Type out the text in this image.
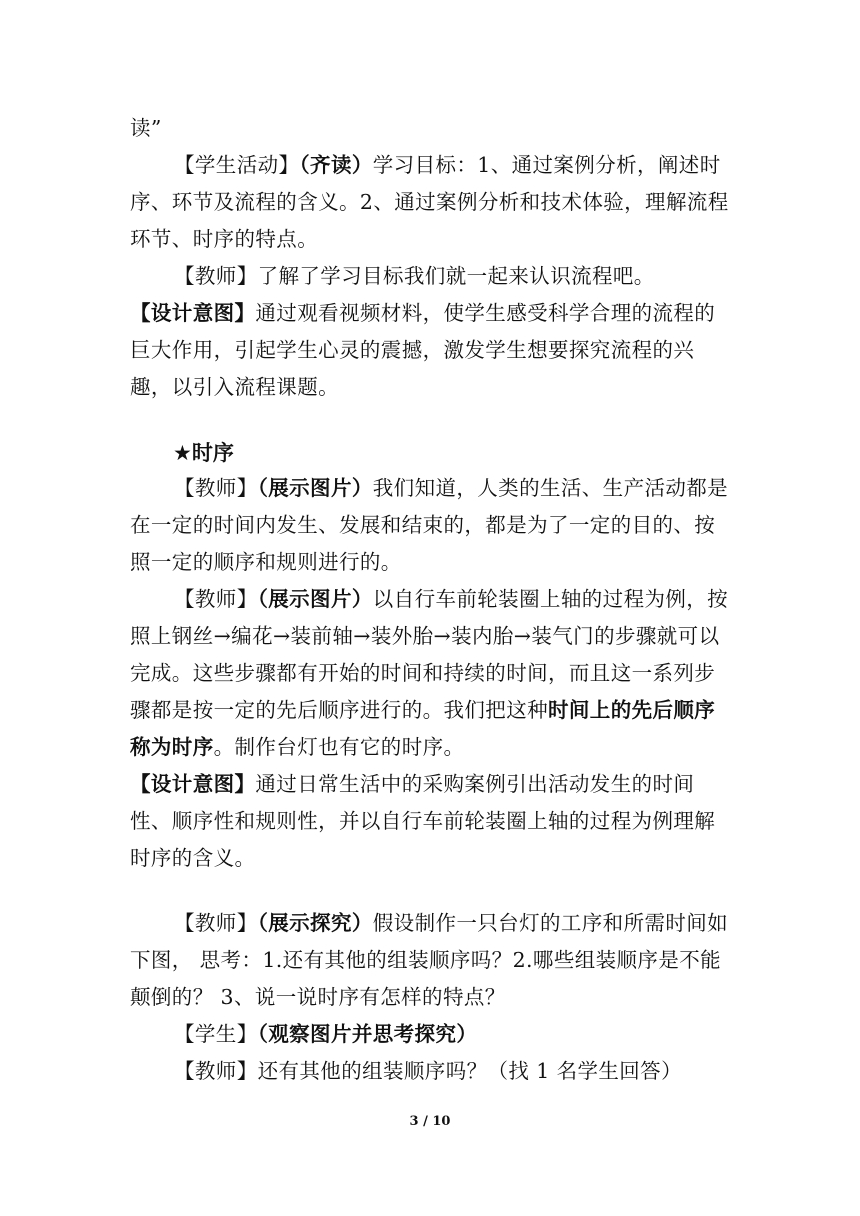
读”
【学生活动】（齐读）学习目标：1、通过案例分析，阐述时序、环节及流程的含义。2、通过案例分析和技术体验，理解流程环节、时序的特点。
【教师】了解了学习目标我们就一起来认识流程吧。
【设计意图】通过观看视频材料，使学生感受科学合理的流程的巨大作用，引起学生心灵的震撼，激发学生想要探究流程的兴趣，以引入流程课题。
★时序
【教师】（展示图片）我们知道，人类的生活、生产活动都是在一定的时间内发生、发展和结束的，都是为了一定的目的、按照一定的顺序和规则进行的。
【教师】（展示图片）以自行车前轮装圈上轴的过程为例，按照上钢丝→编花→装前轴→装外胎→装内胎→装气门的步骤就可以完成。这些步骤都有开始的时间和持续的时间，而且这一系列步骤都是按一定的先后顺序进行的。我们把这种时间上的先后顺序称为时序。制作台灯也有它的时序。
【设计意图】通过日常生活中的采购案例引出活动发生的时间性、顺序性和规则性，并以自行车前轮装圈上轴的过程为例理解时序的含义。
【教师】（展示探究）假设制作一只台灯的工序和所需时间如下图， 思考：1.还有其他的组装顺序吗？2.哪些组装顺序是不能颠倒的？ 3、说一说时序有怎样的特点？
【学生】（观察图片并思考探究）
【教师】还有其他的组装顺序吗？（找 1 名学生回答）
3 / 10
